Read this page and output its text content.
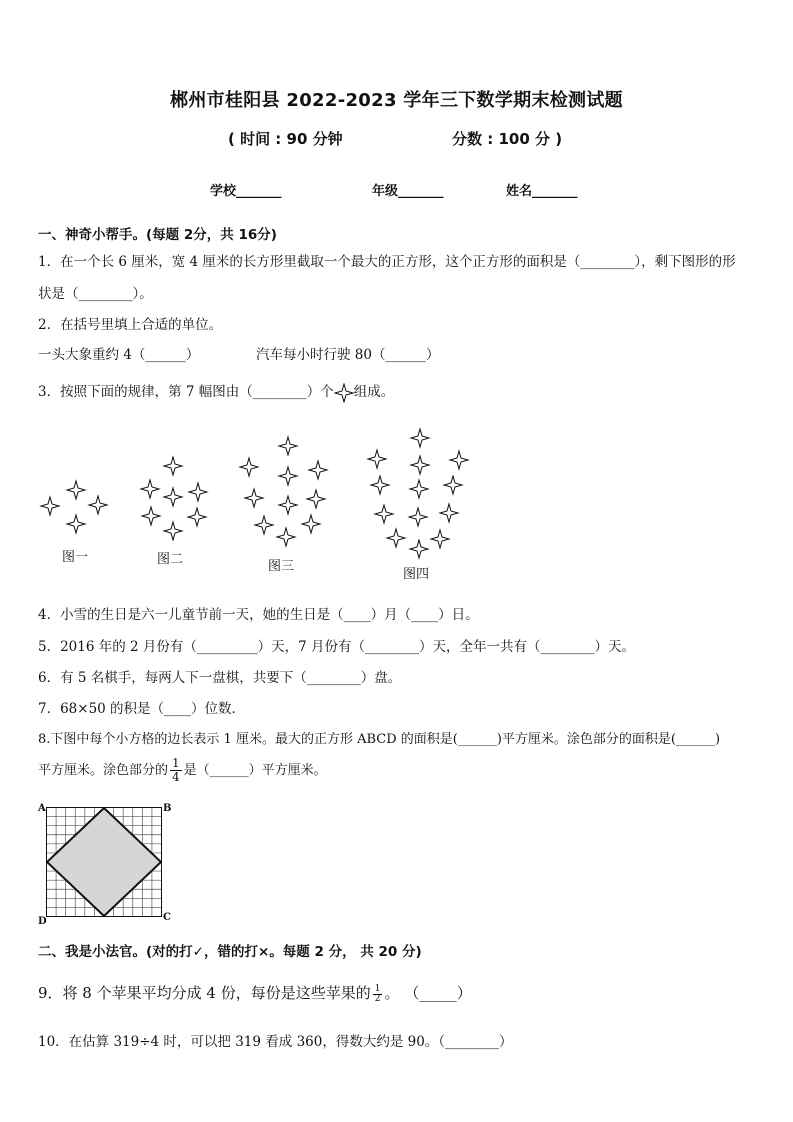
郴州市桂阳县 2022-2023 学年三下数学期末检测试题
( 时间 : 90 分钟	分数 : 100 分 )
学校_______	年级_______	姓名_______
一、神奇小帮手。(每题 2分，共 16分)
1．在一个长 6 厘米，宽 4 厘米的长方形里截取一个最大的正方形，这个正方形的面积是（________），剩下图形的形
状是（________）。
2．在括号里填上合适的单位。
一头大象重约 4（______）	汽车每小时行驶 80（______）
3．按照下面的规律，第 7 幅图由（________）个 组成。
图一	图二	图三
图四
4．小雪的生日是六一儿童节前一天，她的生日是（____）月（____）日。
5．2016 年的 2 月份有（_________）天，7 月份有（________）天，全年一共有（________）天。
6．有 5 名棋手，每两人下一盘棋，共要下（________）盘。
7．68×50 的积是（____）位数．
8.下图中每个小方格的边长表示 1 厘米。最大的正方形 ABCD 的面积是(______)平方厘米。涂色部分的面积是(______)
平方厘米。涂色部分的 $\frac{1}{4}$ 是（______）平方厘米。
A	B
C
D
二、我是小法官。(对的打✓，错的打×。每题 2 分， 共 20 分)
9．将 8 个苹果平均分成 4 份，每份是这些苹果的 $\frac{1}{2}$ 。 （_____）
10．在估算 319÷4 时，可以把 319 看成 360，得数大约是 90。（________）
